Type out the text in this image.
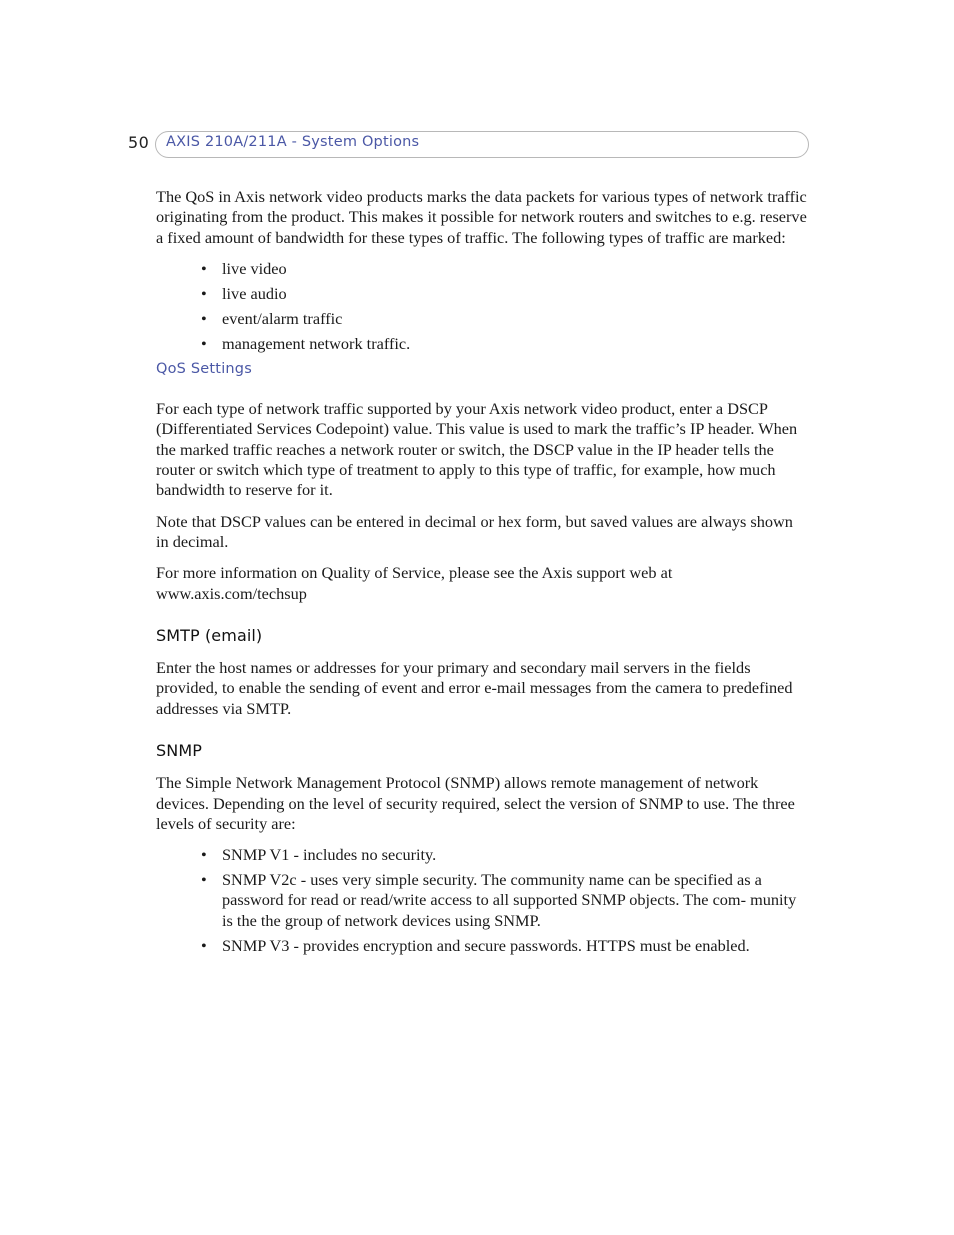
50 AXIS 210A/211A - System Options

The QoS in Axis network video products marks the data packets for various types of network traffic originating from the product. This makes it possible for network routers and switches to e.g. reserve a fixed amount of bandwidth for these types of traffic. The following types of traffic are marked:

• live video
• live audio
• event/alarm traffic
• management network traffic.
QoS Settings

For each type of network traffic supported by your Axis network video product, enter a DSCP (Differentiated Services Codepoint) value. This value is used to mark the traffic’s IP header. When the marked traffic reaches a network router or switch, the DSCP value in the IP header tells the router or switch which type of treatment to apply to this type of traffic, for example, how much bandwidth to reserve for it.

Note that DSCP values can be entered in decimal or hex form, but saved values are always shown in decimal.

For more information on Quality of Service, please see the Axis support web at www.axis.com/techsup

SMTP (email)

Enter the host names or addresses for your primary and secondary mail servers in the fields provided, to enable the sending of event and error e-mail messages from the camera to predefined addresses via SMTP.

SNMP

The Simple Network Management Protocol (SNMP) allows remote management of network devices. Depending on the level of security required, select the version of SNMP to use. The three levels of security are:

• SNMP V1 - includes no security.
• SNMP V2c - uses very simple security. The community name can be specified as a password for read or read/write access to all supported SNMP objects. The com- munity is the the group of network devices using SNMP.
• SNMP V3 - provides encryption and secure passwords. HTTPS must be enabled.
